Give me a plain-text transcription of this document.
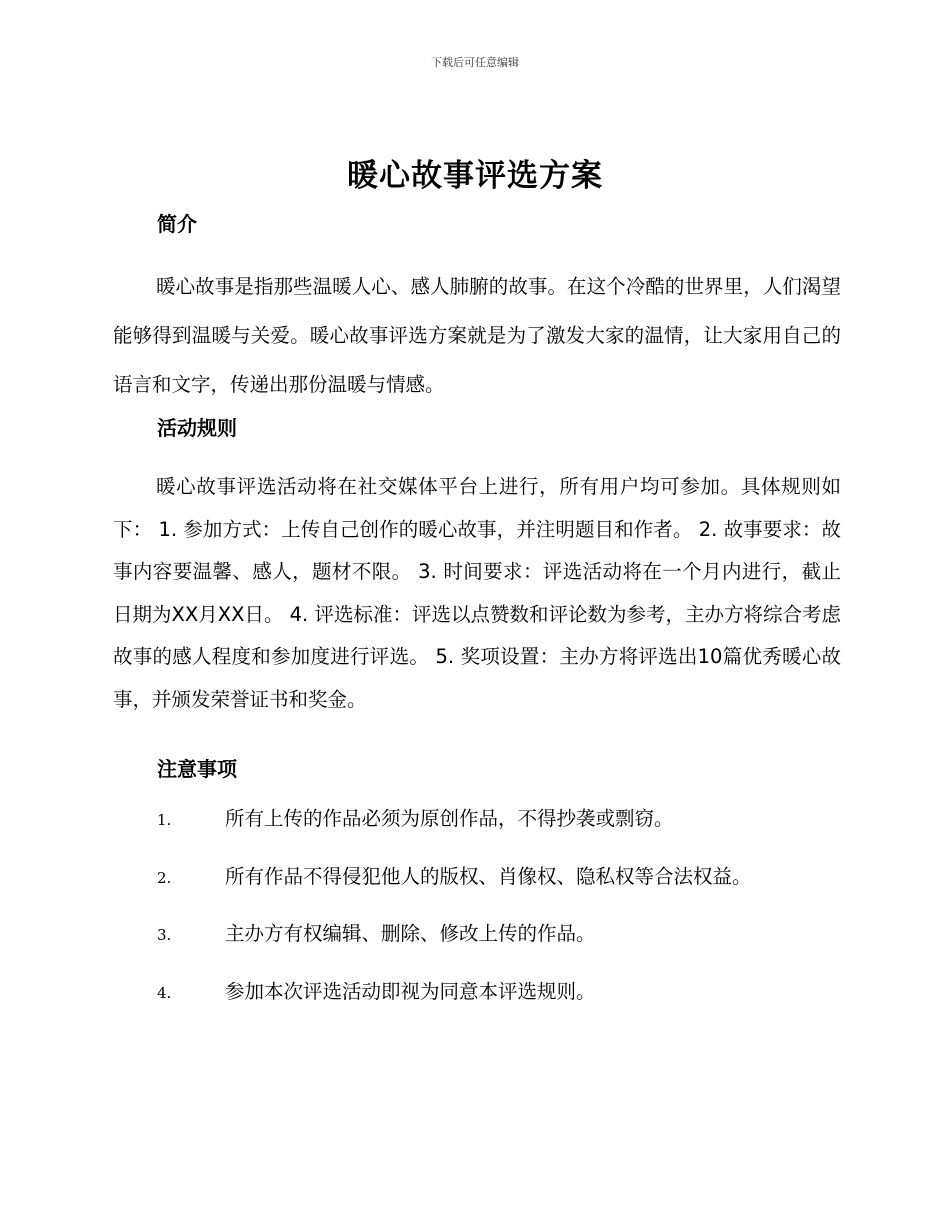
下载后可任意编辑
暖心故事评选方案
简介

暖心故事是指那些温暖人心、感人肺腑的故事。在这个冷酷的世界里，人们渴望能够得到温暖与关爱。暖心故事评选方案就是为了激发大家的温情，让大家用自己的语言和文字，传递出那份温暖与情感。

活动规则

暖心故事评选活动将在社交媒体平台上进行，所有用户均可参加。具体规则如下： 1. 参加方式：上传自己创作的暖心故事，并注明题目和作者。 2. 故事要求：故事内容要温馨、感人，题材不限。 3. 时间要求：评选活动将在一个月内进行，截止日期为XX月XX日。 4. 评选标准：评选以点赞数和评论数为参考，主办方将综合考虑故事的感人程度和参加度进行评选。 5. 奖项设置：主办方将评选出10篇优秀暖心故事，并颁发荣誉证书和奖金。

注意事项
1.	所有上传的作品必须为原创作品，不得抄袭或剽窃。
2.	所有作品不得侵犯他人的版权、肖像权、隐私权等合法权益。
3.	主办方有权编辑、删除、修改上传的作品。
4.	参加本次评选活动即视为同意本评选规则。
